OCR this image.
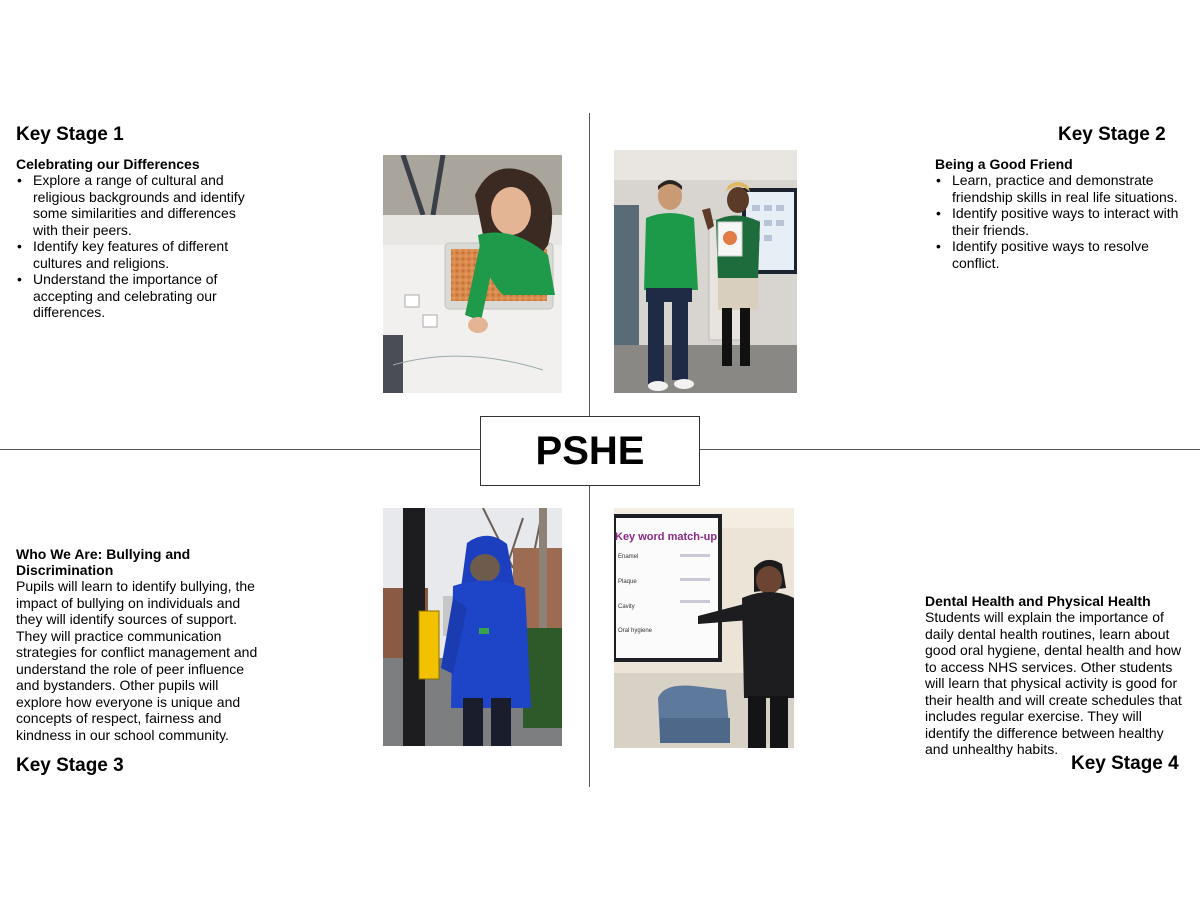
PSHE
Key Stage 1
Celebrating our Differences
• Explore a range of cultural and religious backgrounds and identify some similarities and differences with their peers.
• Identify key features of different cultures and religions.
• Understand the importance of accepting and celebrating our differences.
Key Stage 2
Being a Good Friend
• Learn, practice and demonstrate friendship skills in real life situations.
• Identify positive ways to interact with their friends.
• Identify positive ways to resolve conflict.
Who We Are: Bullying and Discrimination
Pupils will learn to identify bullying, the impact of bullying on individuals and they will identify sources of support. They will practice communication strategies for conflict management and understand the role of peer influence and bystanders. Other pupils will explore how everyone is unique and concepts of respect, fairness and kindness in our school community.
Key Stage 3
Dental Health and Physical Health
Students will explain the importance of daily dental health routines, learn about good oral hygiene, dental health and how to access NHS services. Other students will learn that physical activity is good for their health and will create schedules that includes regular exercise. They will identify the difference between healthy and unhealthy habits.
Key Stage 4
Key word match-up
Enamel
Plaque
Cavity
Oral hygiene
